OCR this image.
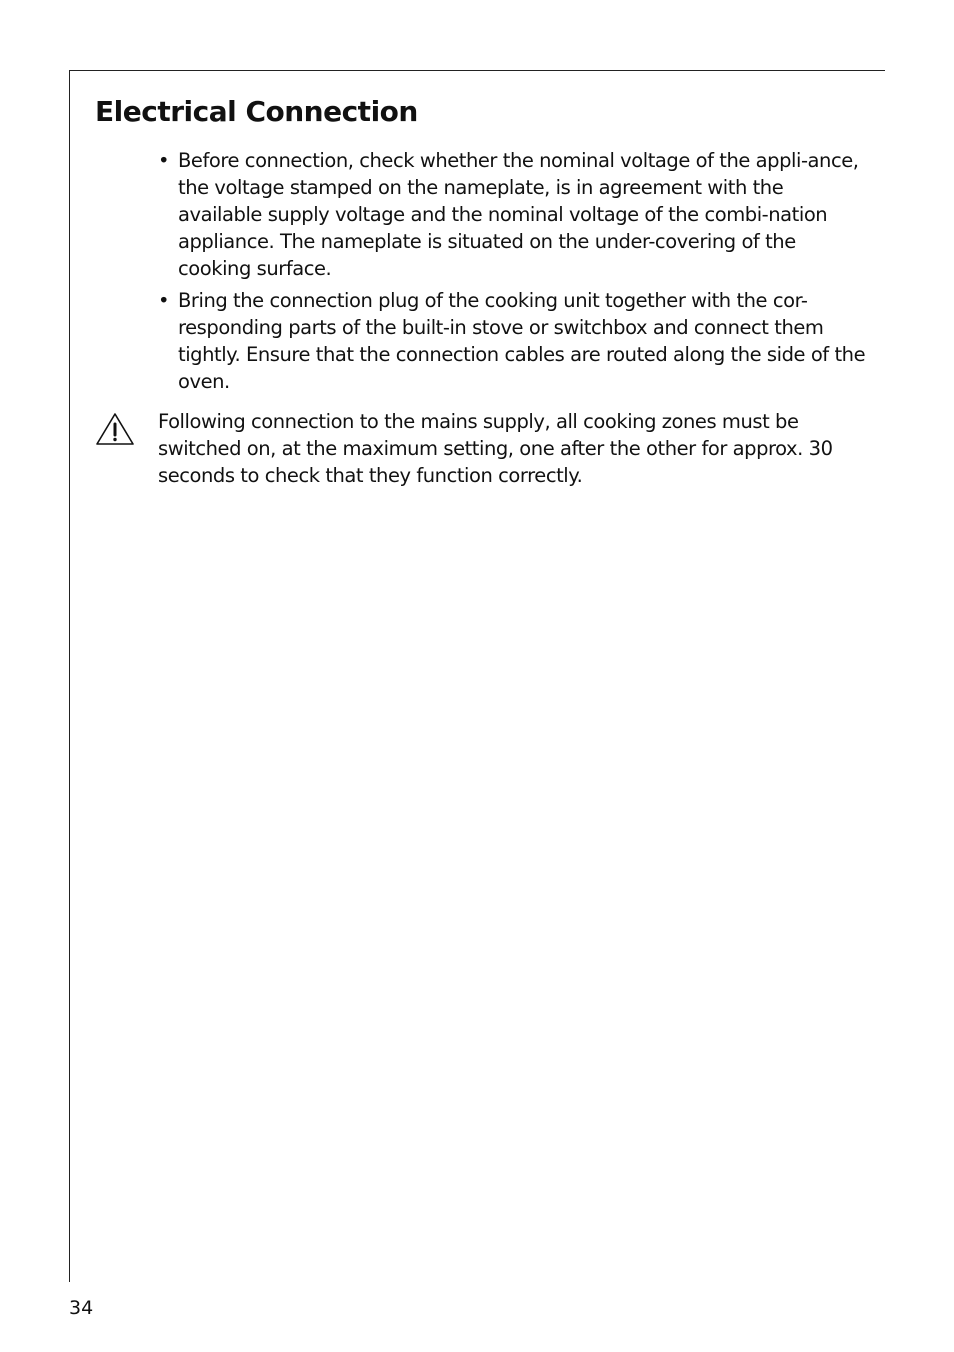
Electrical Connection
• Before connection, check whether the nominal voltage of the appli-ance, the voltage stamped on the nameplate, is in agreement with the available supply voltage and the nominal voltage of the combi-nation appliance. The nameplate is situated on the under-covering of the cooking surface.
• Bring the connection plug of the cooking unit together with the cor-responding parts of the built-in stove or switchbox and connect them tightly. Ensure that the connection cables are routed along the side of the oven.

Following connection to the mains supply, all cooking zones must be switched on, at the maximum setting, one after the other for approx. 30 seconds to check that they function correctly.

34
